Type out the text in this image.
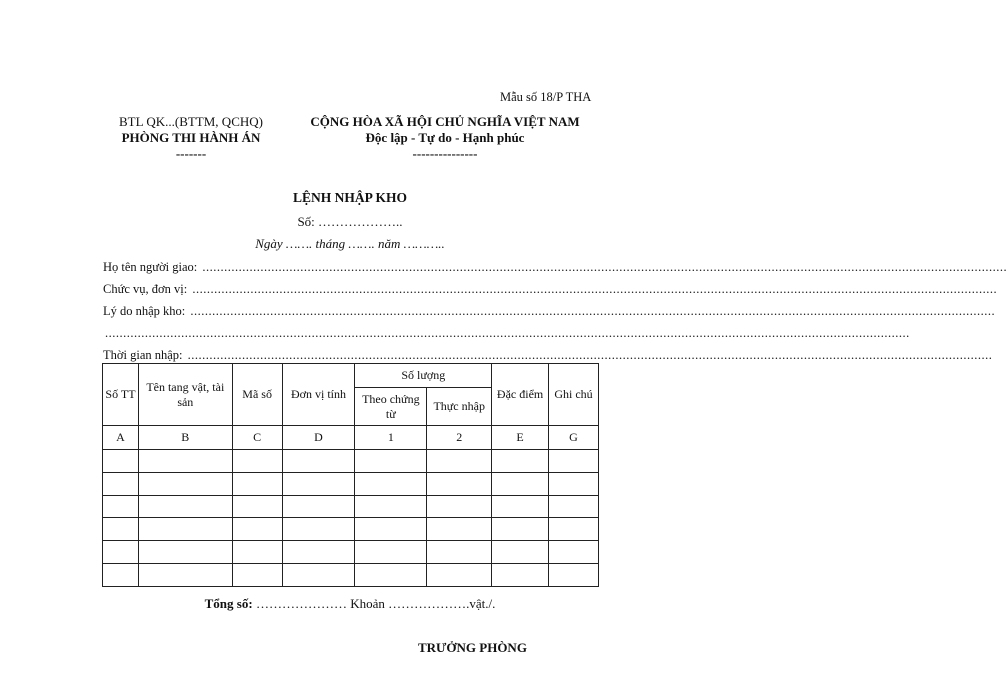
Mẫu số 18/P THA
BTL QK...(BTTM, QCHQ)
PHÒNG THI HÀNH ÁN
-------
CỘNG HÒA XÃ HỘI CHỦ NGHĨA VIỆT NAM
Độc lập - Tự do - Hạnh phúc
---------------
LỆNH NHẬP KHO
Số: ………………..
Ngày ……. tháng ……. năm ………..
Họ tên người giao: ..............................................................................................................................................................................................................................
Chức vụ, đơn vị: ..............................................................................................................................................................................................................................
Lý do nhập kho: ..............................................................................................................................................................................................................................
..............................................................................................................................................................................................................................
Thời gian nhập: ..............................................................................................................................................................................................................................
Số TT	Tên tang vật, tài sản	Mã số	Đơn vị tính	Số lượng		Đặc điểm	Ghi chú
				Theo chứng từ	Thực nhập		
A	B	C	D	1	2	E	G

Tổng số: ………………… Khoản ……………….vật./.
TRƯỞNG PHÒNG
